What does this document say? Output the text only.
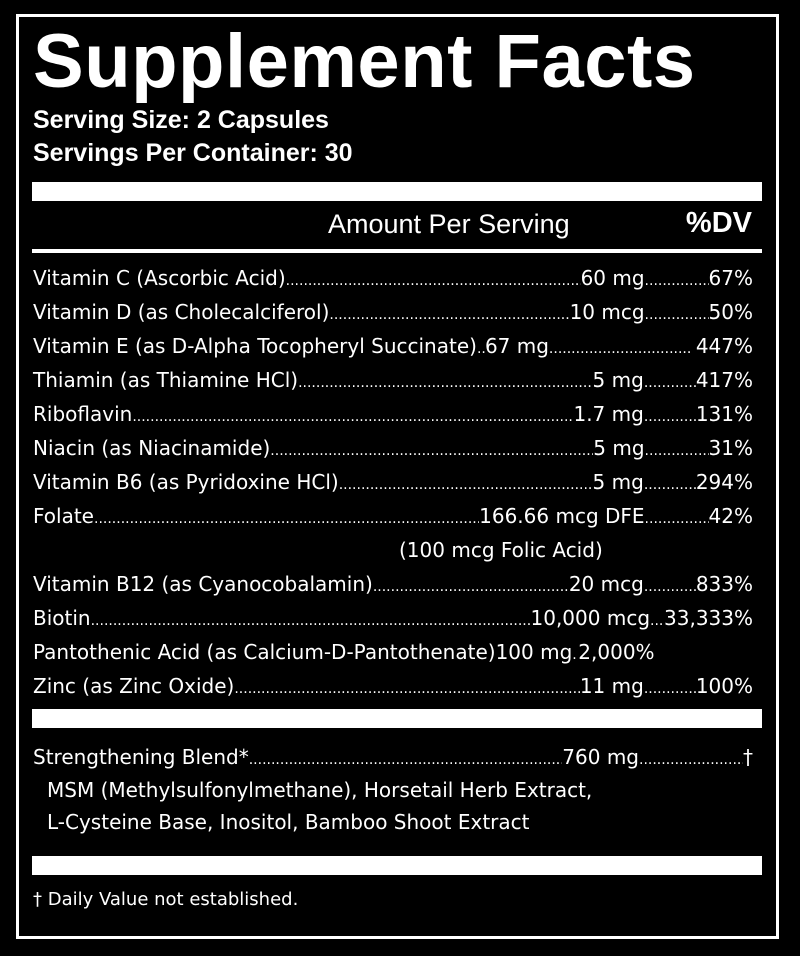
Supplement Facts
Serving Size: 2 Capsules
Servings Per Container: 30
Amount Per Serving	%DV
Vitamin C (Ascorbic Acid) .....	60 mg .....	67%
Vitamin D (as Cholecalciferol) .....	10 mcg .....	50%
Vitamin E (as D-Alpha Tocopheryl Succinate) ..... 67 mg .....	447%
Thiamin (as Thiamine HCl) .....	5 mg .....	417%
Riboflavin .....	1.7 mg .....	131%
Niacin (as Niacinamide) .....	5 mg .....	31%
Vitamin B6 (as Pyridoxine HCl) .....	5 mg .....	294%
Folate .....	166.66 mcg DFE .....	42%
(100 mcg Folic Acid)
Vitamin B12 (as Cyanocobalamin) .....	20 mcg .....	833%
Biotin .....	10,000 mcg ..... 33,333%
Pantothenic Acid (as Calcium-D-Pantothenate) 100 mg ..... 2,000%
Zinc (as Zinc Oxide) .....	11 mg .....	100%
Strengthening Blend* .....	760 mg .....	†
MSM (Methylsulfonylmethane), Horsetail Herb Extract,
L-Cysteine Base, Inositol, Bamboo Shoot Extract
† Daily Value not established.
